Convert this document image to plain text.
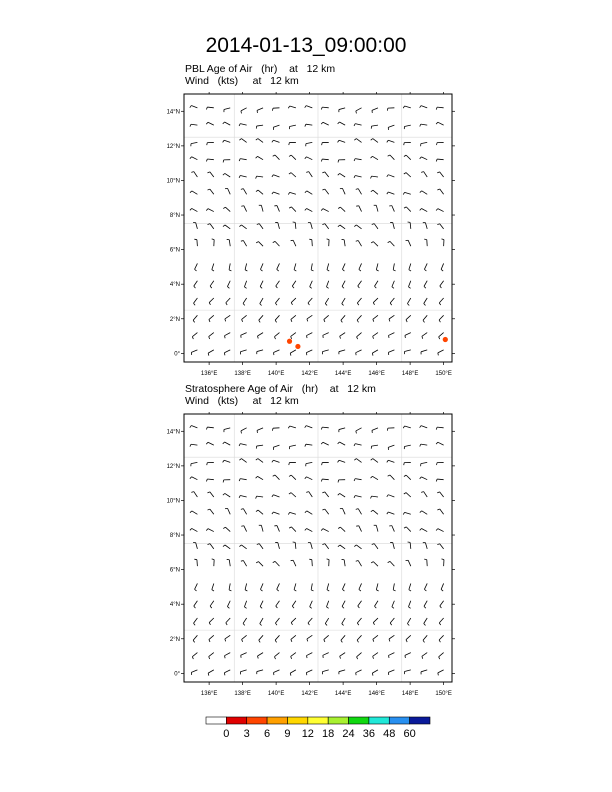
2014-01-13_09:00:00
PBL Age of Air   (hr)    at   12 km
Wind   (kts)     at   12 km
136°E	138°E	140°E	142°E	144°E	146°E	148°E	150°E
0°
2°N
4°N
6°N
8°N
10°N
12°N
14°N
Stratosphere Age of Air   (hr)    at   12 km
Wind   (kts)     at   12 km
136°E	138°E	140°E	142°E	144°E	146°E	148°E	150°E
0°
2°N
4°N
6°N
8°N
10°N
12°N
14°N
0 3 6 9 12 18 24 36 48 60
